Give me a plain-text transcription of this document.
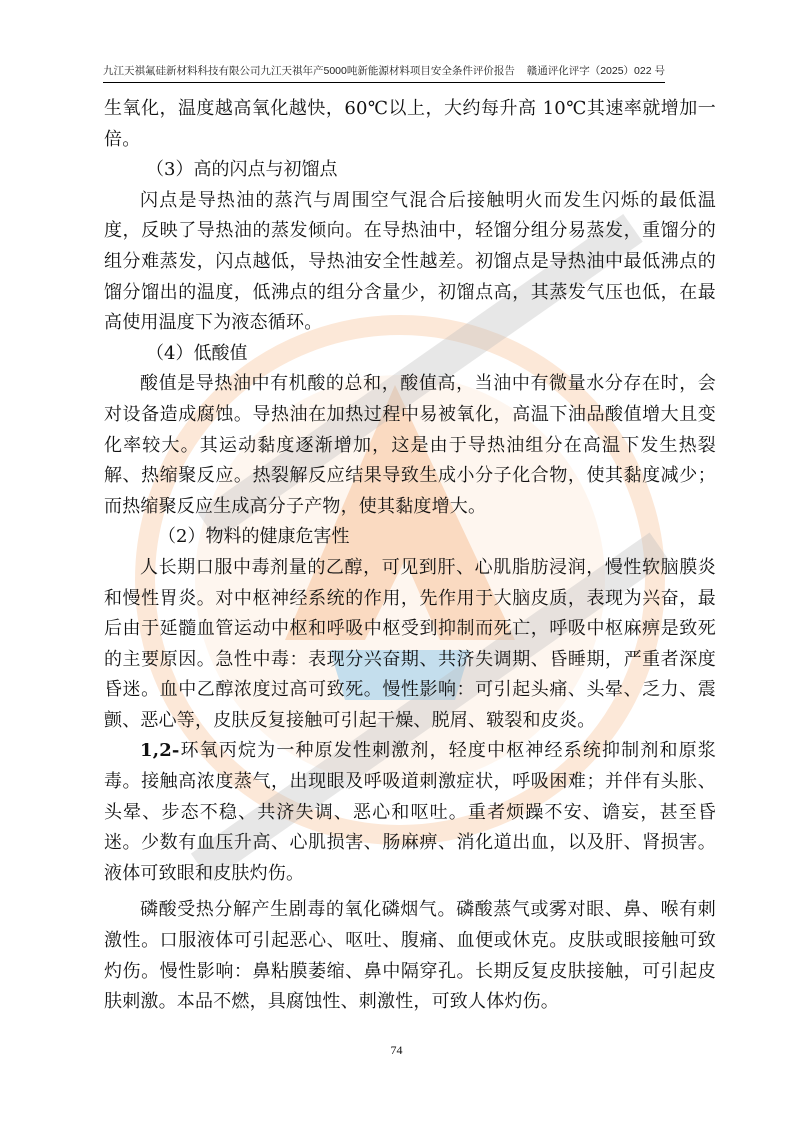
九江天祺氟硅新材料科技有限公司九江天祺年产5000吨新能源材料项目安全条件评价报告 赣通评化评字（2025）022 号

生氧化，温度越高氧化越快，60℃以上，大约每升高 10℃其速率就增加一倍。

（3）高的闪点与初馏点

闪点是导热油的蒸汽与周围空气混合后接触明火而发生闪烁的最低温度，反映了导热油的蒸发倾向。在导热油中，轻馏分组分易蒸发，重馏分的组分难蒸发，闪点越低，导热油安全性越差。初馏点是导热油中最低沸点的馏分馏出的温度，低沸点的组分含量少，初馏点高，其蒸发气压也低，在最高使用温度下为液态循环。

（4）低酸值

酸值是导热油中有机酸的总和，酸值高，当油中有微量水分存在时，会对设备造成腐蚀。导热油在加热过程中易被氧化，高温下油品酸值增大且变化率较大。其运动黏度逐渐增加，这是由于导热油组分在高温下发生热裂解、热缩聚反应。热裂解反应结果导致生成小分子化合物，使其黏度减少；而热缩聚反应生成高分子产物，使其黏度增大。

（2）物料的健康危害性

人长期口服中毒剂量的乙醇，可见到肝、心肌脂肪浸润，慢性软脑膜炎和慢性胃炎。对中枢神经系统的作用，先作用于大脑皮质，表现为兴奋，最后由于延髓血管运动中枢和呼吸中枢受到抑制而死亡，呼吸中枢麻痹是致死的主要原因。急性中毒：表现分兴奋期、共济失调期、昏睡期，严重者深度昏迷。血中乙醇浓度过高可致死。慢性影响：可引起头痛、头晕、乏力、震颤、恶心等，皮肤反复接触可引起干燥、脱屑、皲裂和皮炎。

1,2-环氧丙烷为一种原发性刺激剂，轻度中枢神经系统抑制剂和原浆毒。接触高浓度蒸气，出现眼及呼吸道刺激症状，呼吸困难；并伴有头胀、头晕、步态不稳、共济失调、恶心和呕吐。重者烦躁不安、谵妄，甚至昏迷。少数有血压升高、心肌损害、肠麻痹、消化道出血，以及肝、肾损害。液体可致眼和皮肤灼伤。

磷酸受热分解产生剧毒的氧化磷烟气。磷酸蒸气或雾对眼、鼻、喉有刺激性。口服液体可引起恶心、呕吐、腹痛、血便或休克。皮肤或眼接触可致灼伤。慢性影响：鼻粘膜萎缩、鼻中隔穿孔。长期反复皮肤接触，可引起皮肤刺激。本品不燃，具腐蚀性、刺激性，可致人体灼伤。

74
